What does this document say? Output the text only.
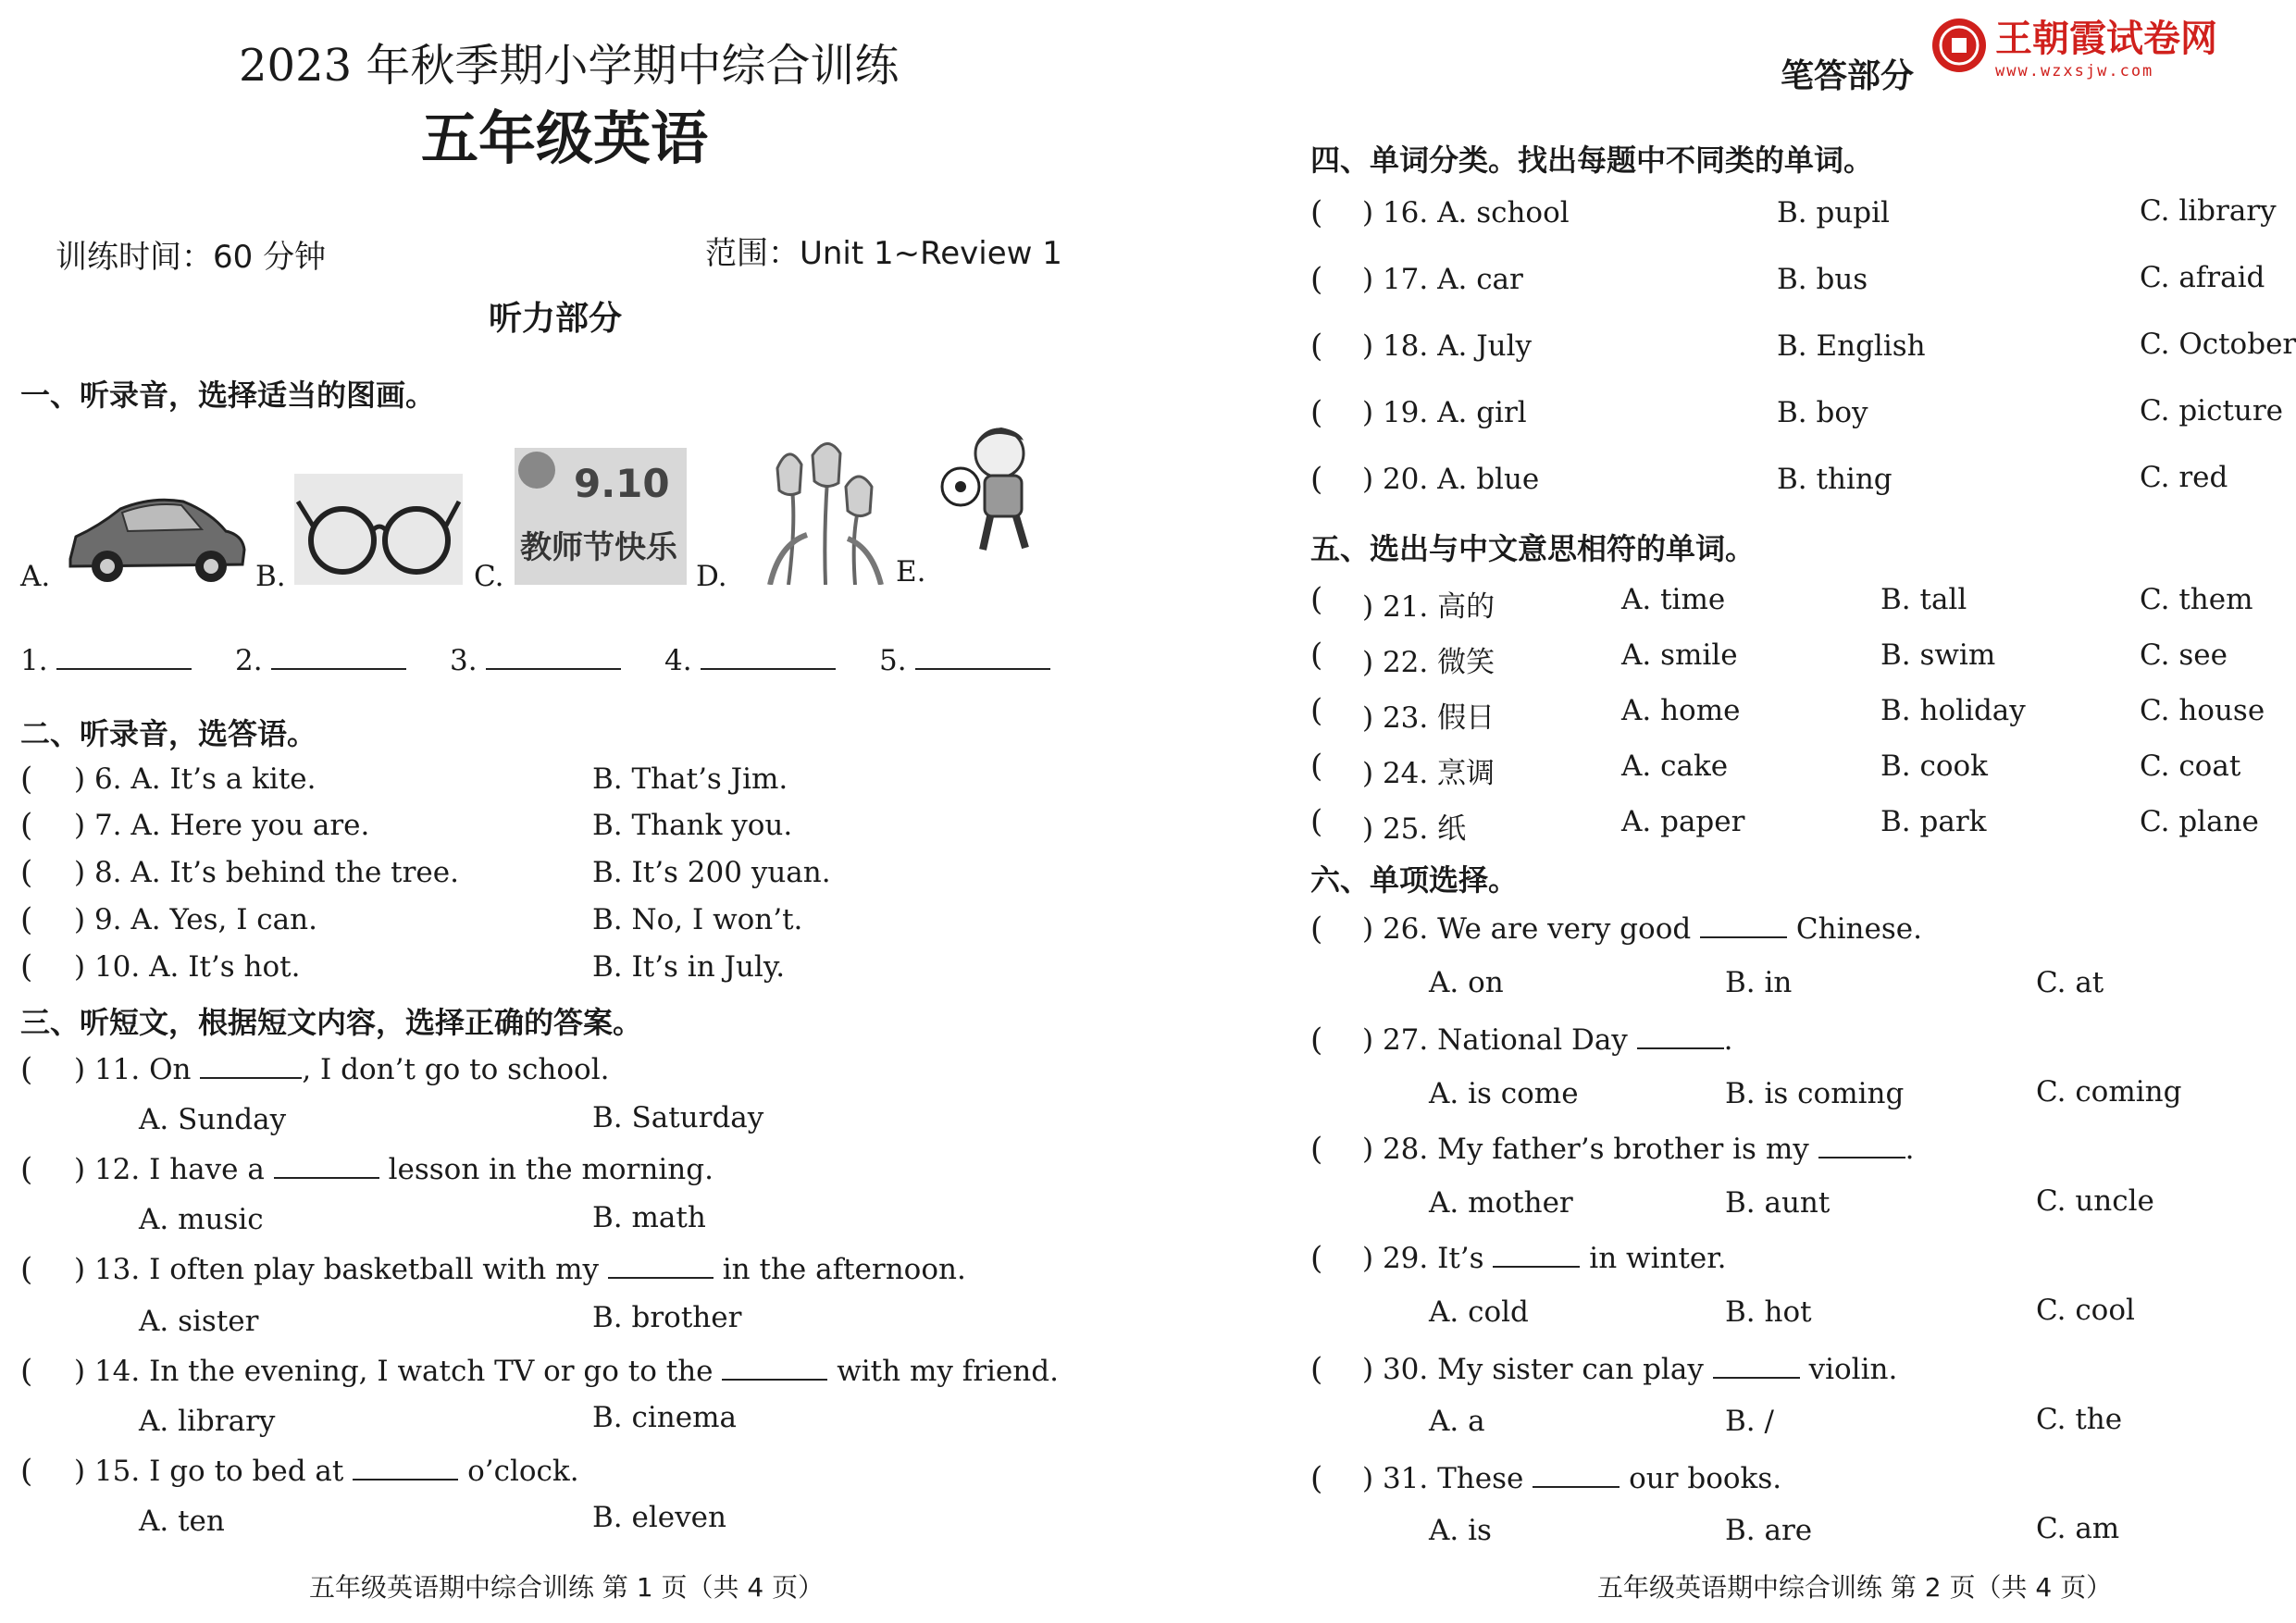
2023 年秋季期小学期中综合训练
五年级英语
训练时间：60 分钟	范围：Unit 1~Review 1
听力部分
一、听录音，选择适当的图画。
A.	B.	C.
9.10
教师节快乐
D.	E.
1.	2.	3.	4.	5.
二、听录音，选答语。
( ) 6. A. It’s a kite.	B. That’s Jim.
( ) 7. A. Here you are.	B. Thank you.
( ) 8. A. It’s behind the tree.	B. It’s 200 yuan.
( ) 9. A. Yes, I can.	B. No, I won’t.
( ) 10. A. It’s hot.	B. It’s in July.
三、听短文，根据短文内容，选择正确的答案。
( ) 11. On	, I don’t go to school.
A. Sunday	B. Saturday
( ) 12. I have a	lesson in the morning.
A. music	B. math
( ) 13. I often play basketball with my	in the afternoon.
A. sister	B. brother
( ) 14. In the evening, I watch TV or go to the	with my friend.
A. library	B. cinema
( ) 15. I go to bed at	o’clock.
A. ten	B. eleven
五年级英语期中综合训练 第 1 页（共 4 页）
王朝霞试卷网
www.wzxsjw.com
笔答部分
四、单词分类。找出每题中不同类的单词。
( ) 16. A. school	B. pupil	C. library
( ) 17. A. car	B. bus	C. afraid
( ) 18. A. July	B. English	C. October
( ) 19. A. girl	B. boy	C. picture
( ) 20. A. blue	B. thing	C. red
五、选出与中文意思相符的单词。
( ) 21. 高的	A. time	B. tall	C. them
( ) 22. 微笑	A. smile	B. swim	C. see
( ) 23. 假日	A. home	B. holiday	C. house
( ) 24. 烹调	A. cake	B. cook	C. coat
( ) 25. 纸	A. paper	B. park	C. plane
六、单项选择。
( ) 26. We are very good	Chinese.
A. on	B. in	C. at
( ) 27. National Day	.
A. is come	B. is coming	C. coming
( ) 28. My father’s brother is my	.
A. mother	B. aunt	C. uncle
( ) 29. It’s	in winter.
A. cold	B. hot	C. cool
( ) 30. My sister can play	violin.
A. a	B. /	C. the
( ) 31. These	our books.
A. is	B. are	C. am
五年级英语期中综合训练 第 2 页（共 4 页）
